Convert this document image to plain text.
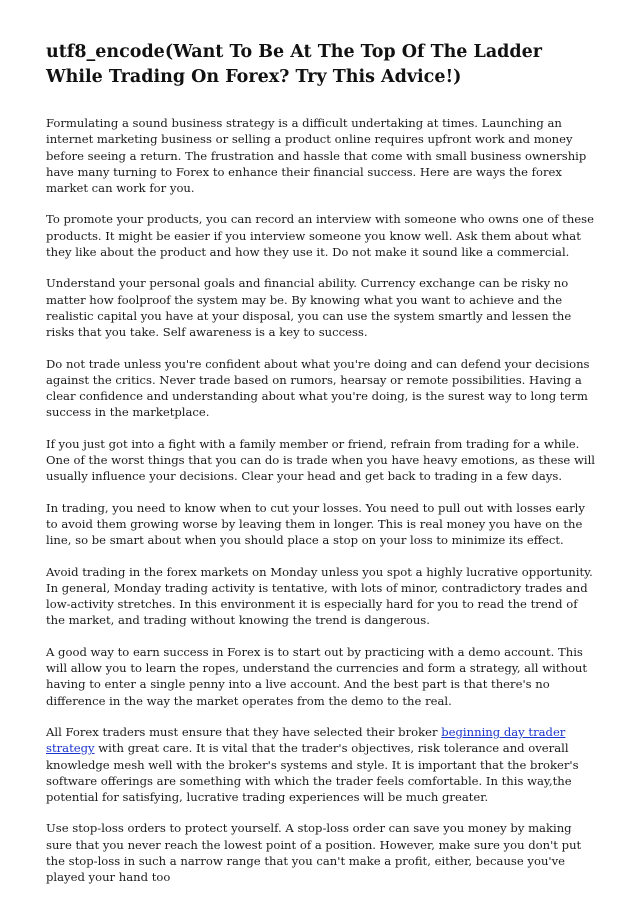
utf8_encode(Want To Be At The Top Of The Ladder While Trading On Forex? Try This Advice!)

Formulating a sound business strategy is a difficult undertaking at times. Launching an internet marketing business or selling a product online requires upfront work and money before seeing a return. The frustration and hassle that come with small business ownership have many turning to Forex to enhance their financial success. Here are ways the forex market can work for you.

To promote your products, you can record an interview with someone who owns one of these products. It might be easier if you interview someone you know well. Ask them about what they like about the product and how they use it. Do not make it sound like a commercial.

Understand your personal goals and financial ability. Currency exchange can be risky no matter how foolproof the system may be. By knowing what you want to achieve and the realistic capital you have at your disposal, you can use the system smartly and lessen the risks that you take. Self awareness is a key to success.

Do not trade unless you're confident about what you're doing and can defend your decisions against the critics. Never trade based on rumors, hearsay or remote possibilities. Having a clear confidence and understanding about what you're doing, is the surest way to long term success in the marketplace.

If you just got into a fight with a family member or friend, refrain from trading for a while. One of the worst things that you can do is trade when you have heavy emotions, as these will usually influence your decisions. Clear your head and get back to trading in a few days.

In trading, you need to know when to cut your losses. You need to pull out with losses early to avoid them growing worse by leaving them in longer. This is real money you have on the line, so be smart about when you should place a stop on your loss to minimize its effect.

Avoid trading in the forex markets on Monday unless you spot a highly lucrative opportunity. In general, Monday trading activity is tentative, with lots of minor, contradictory trades and low-activity stretches. In this environment it is especially hard for you to read the trend of the market, and trading without knowing the trend is dangerous.

A good way to earn success in Forex is to start out by practicing with a demo account. This will allow you to learn the ropes, understand the currencies and form a strategy, all without having to enter a single penny into a live account. And the best part is that there's no difference in the way the market operates from the demo to the real.

All Forex traders must ensure that they have selected their broker beginning day trader strategy with great care. It is vital that the trader's objectives, risk tolerance and overall knowledge mesh well with the broker's systems and style. It is important that the broker's software offerings are something with which the trader feels comfortable. In this way,the potential for satisfying, lucrative trading experiences will be much greater.

Use stop-loss orders to protect yourself. A stop-loss order can save you money by making sure that you never reach the lowest point of a position. However, make sure you don't put the stop-loss in such a narrow range that you can't make a profit, either, because you've played your hand too
